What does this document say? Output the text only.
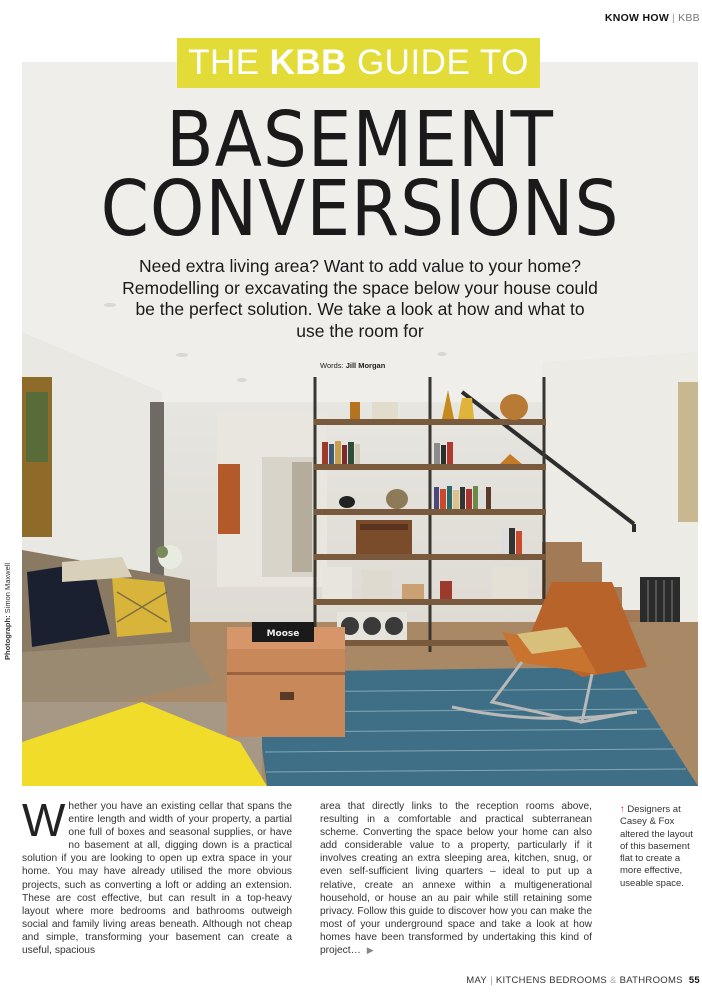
KNOW HOW | KBB
Moose
THE KBB GUIDE TO
BASEMENT
CONVERSIONS
Need extra living area? Want to add value to your home? Remodelling or excavating the space below your house could be the perfect solution. We take a look at how and what to use the room for
Words: Jill Morgan
Photograph: Simon Maxwell
Whether you have an existing cellar that spans the entire length and width of your property, a partial one full of boxes and seasonal supplies, or have no basement at all, digging down is a practical solution if you are looking to open up extra space in your home. You may have already utilised the more obvious projects, such as converting a loft or adding an extension. These are cost effective, but can result in a top-heavy layout where more bedrooms and bathrooms outweigh social and family living areas beneath. Although not cheap and simple, transforming your basement can create a useful, spacious
area that directly links to the reception rooms above, resulting in a comfortable and practical subterranean scheme. Converting the space below your home can also add considerable value to a property, particularly if it involves creating an extra sleeping area, kitchen, snug, or even self-sufficient living quarters – ideal to put up a relative, create an annexe within a multigenerational household, or house an au pair while still retaining some privacy. Follow this guide to discover how you can make the most of your underground space and take a look at how homes have been transformed by undertaking this kind of project… ▶
↑ Designers at Casey & Fox altered the layout of this basement flat to create a more effective, useable space.
MAY | KITCHENS BEDROOMS & BATHROOMS 55
